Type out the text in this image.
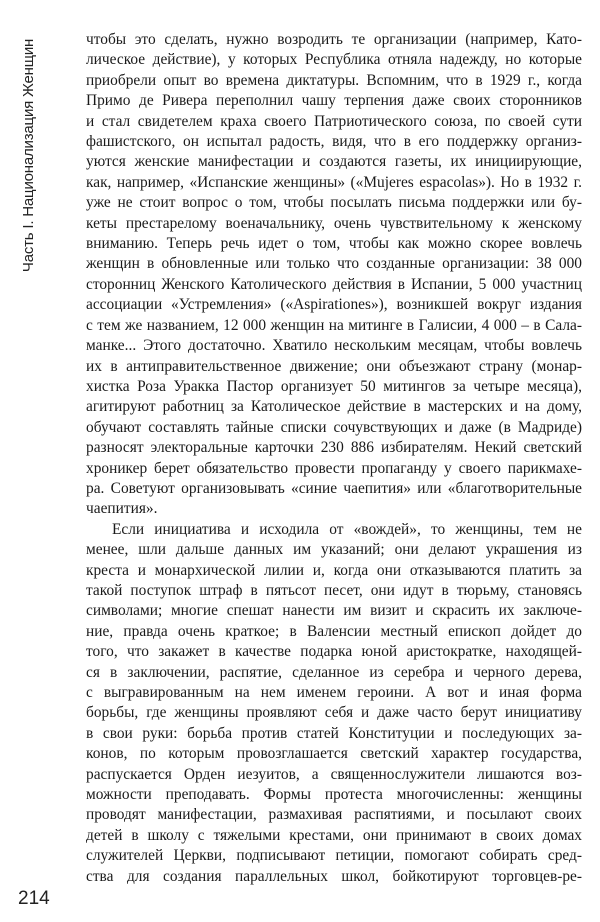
Часть I. Национализация Женщин	чтобы это сделать, нужно возродить те организации (например, Като-
лическое действие), у которых Республика отняла надежду, но которые
приобрели опыт во времена диктатуры. Вспомним, что в 1929 г., когда
Примо де Ривера переполнил чашу терпения даже своих сторонников
и стал свидетелем краха своего Патриотического союза, по своей сути
фашистского, он испытал радость, видя, что в его поддержку организ-
уются женские манифестации и создаются газеты, их инициирующие,
как, например, «Испанские женщины» («Mujeres espacolas»). Но в 1932 г.
уже не стоит вопрос о том, чтобы посылать письма поддержки или бу-
кеты престарелому военачальнику, очень чувствительному к женскому
вниманию. Теперь речь идет о том, чтобы как можно скорее вовлечь
женщин в обновленные или только что созданные организации: 38 000
сторонниц Женского Католического действия в Испании, 5 000 участниц
ассоциации «Устремления» («Aspirationes»), возникшей вокруг издания
с тем же названием, 12 000 женщин на митинге в Галисии, 4 000 – в Сала-
манке... Этого достаточно. Хватило нескольким месяцам, чтобы вовлечь
их в антиправительственное движение; они объезжают страну (монар-
хистка Роза Уракка Пастор организует 50 митингов за четыре месяца),
агитируют работниц за Католическое действие в мастерских и на дому,
обучают составлять тайные списки сочувствующих и даже (в Мадриде)
разносят электоральные карточки 230 886 избирателям. Некий светский
хроникер берет обязательство провести пропаганду у своего парикмахе-
ра. Советуют организовывать «синие чаепития» или «благотворительные
чаепития».
Если инициатива и исходила от «вождей», то женщины, тем не
менее, шли дальше данных им указаний; они делают украшения из
креста и монархической лилии и, когда они отказываются платить за
такой поступок штраф в пятьсот песет, они идут в тюрьму, становясь
символами; многие спешат нанести им визит и скрасить их заключе-
ние, правда очень краткое; в Валенсии местный епископ дойдет до
того, что закажет в качестве подарка юной аристократке, находящей-
ся в заключении, распятие, сделанное из серебра и черного дерева,
с выгравированным на нем именем героини. А вот и иная форма
борьбы, где женщины проявляют себя и даже часто берут инициативу
в свои руки: борьба против статей Конституции и последующих за-
конов, по которым провозглашается светский характер государства,
распускается Орден иезуитов, а священнослужители лишаются воз-
можности преподавать. Формы протеста многочисленны: женщины
проводят манифестации, размахивая распятиями, и посылают своих
детей в школу с тяжелыми крестами, они принимают в своих домах
служителей Церкви, подписывают петиции, помогают собирать сред-
ства для создания параллельных школ, бойкотируют торговцев-ре-
214
